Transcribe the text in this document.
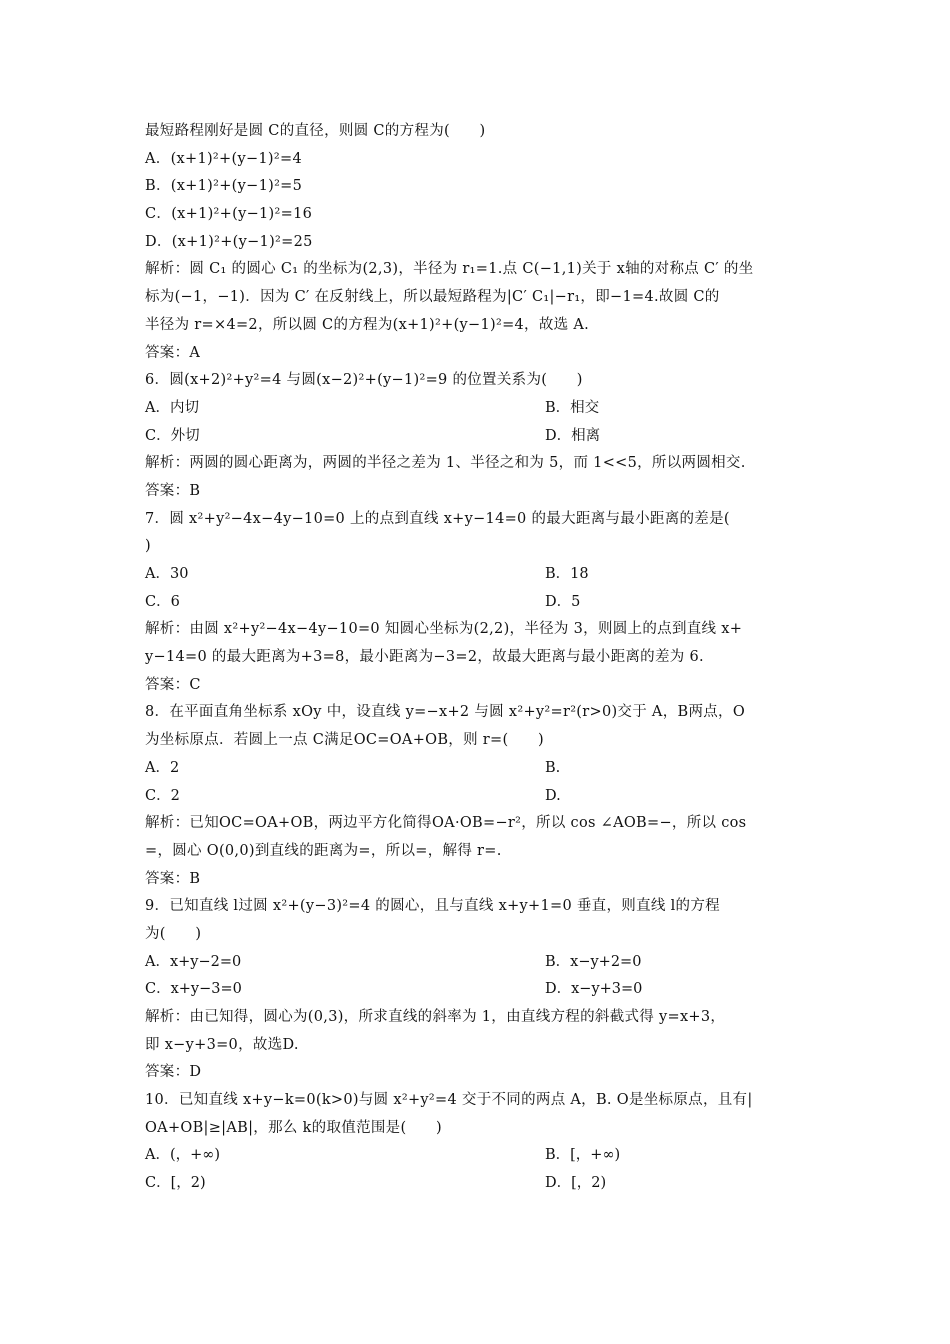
最短路程刚好是圆 C的直径，则圆 C的方程为(　　)
A．(x+1)²+(y−1)²=4
B．(x+1)²+(y−1)²=5
C．(x+1)²+(y−1)²=16
D．(x+1)²+(y−1)²=25
解析：圆 C₁ 的圆心 C₁ 的坐标为(2,3)，半径为 r₁=1.点 C(−1,1)关于 x轴的对称点 C′ 的坐
标为(−1，−1)．因为 C′ 在反射线上，所以最短路程为|C′ C₁|−r₁，即−1=4.故圆 C的
半径为 r=×4=2，所以圆 C的方程为(x+1)²+(y−1)²=4，故选 A.
答案：A
6．圆(x+2)²+y²=4 与圆(x−2)²+(y−1)²=9 的位置关系为(　　)
A．内切	B．相交
C．外切	D．相离
解析：两圆的圆心距离为，两圆的半径之差为 1、半径之和为 5，而 1<<5，所以两圆相交.
答案：B
7．圆 x²+y²−4x−4y−10=0 上的点到直线 x+y−14=0 的最大距离与最小距离的差是(
)
A．30	B．18
C．6	D．5
解析：由圆 x²+y²−4x−4y−10=0 知圆心坐标为(2,2)，半径为 3，则圆上的点到直线 x+
y−14=0 的最大距离为+3=8，最小距离为−3=2，故最大距离与最小距离的差为 6.
答案：C
8．在平面直角坐标系 xOy 中，设直线 y=−x+2 与圆 x²+y²=r²(r>0)交于 A，B两点，O
为坐标原点．若圆上一点 C满足OC=OA+OB，则 r=(　　)
A．2	B.
C．2	D.
解析：已知OC=OA+OB，两边平方化简得OA·OB=−r²，所以 cos ∠AOB=−，所以 cos
=，圆心 O(0,0)到直线的距离为=，所以=，解得 r=.
答案：B
9．已知直线 l过圆 x²+(y−3)²=4 的圆心，且与直线 x+y+1=0 垂直，则直线 l的方程
为(　　)
A．x+y−2=0	B．x−y+2=0
C．x+y−3=0	D．x−y+3=0
解析：由已知得，圆心为(0,3)，所求直线的斜率为 1，由直线方程的斜截式得 y=x+3，
即 x−y+3=0，故选D.
答案：D
10．已知直线 x+y−k=0(k>0)与圆 x²+y²=4 交于不同的两点 A，B. O是坐标原点，且有|
OA+OB|≥|AB|，那么 k的取值范围是(　　)
A．(，+∞)	B．[，+∞)
C．[，2)	D．[，2)
